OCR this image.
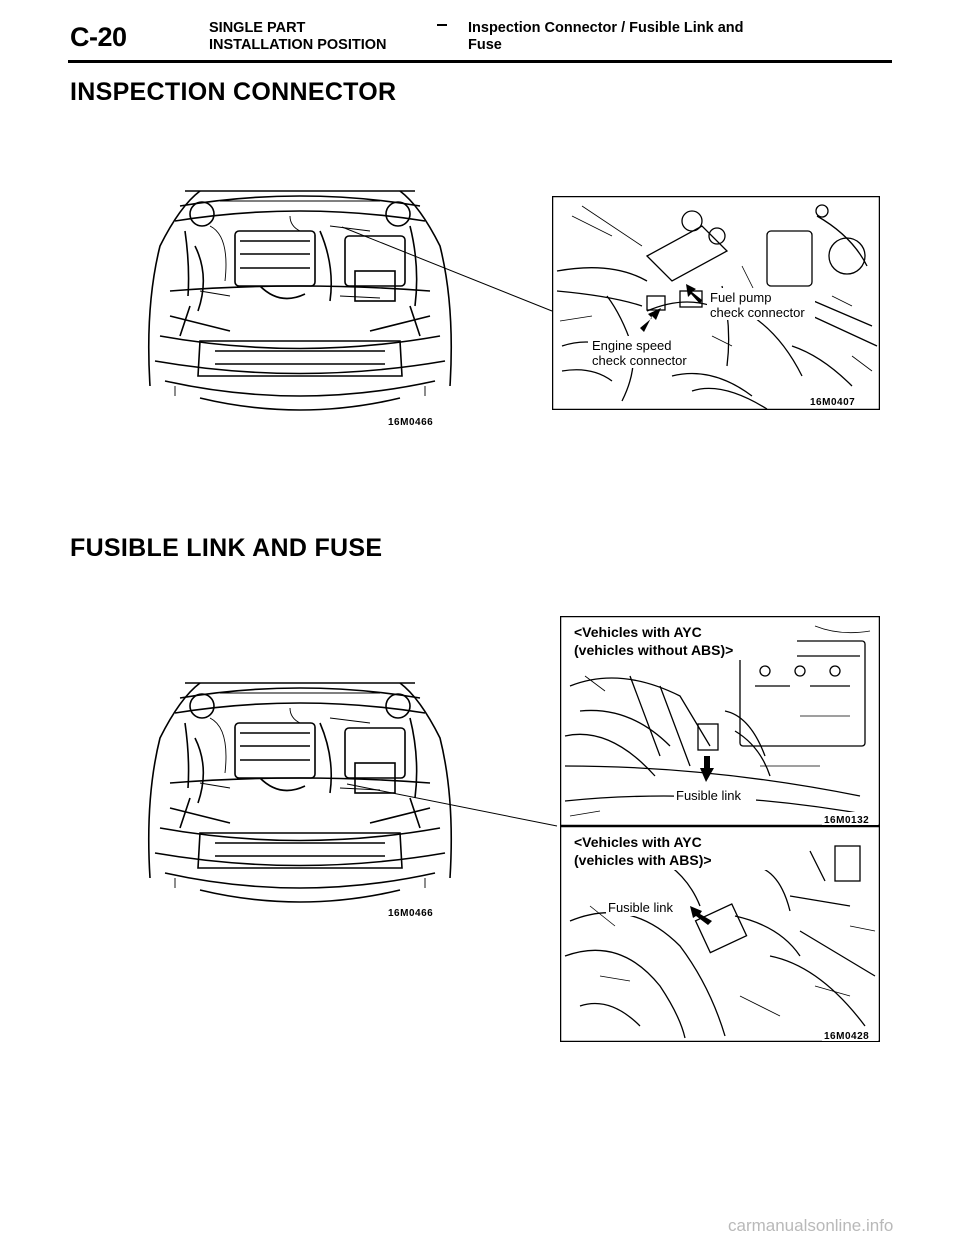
C-20	SINGLE PART
INSTALLATION POSITION
Inspection Connector / Fusible Link and
Fuse
INSPECTION CONNECTOR
16M0466
Fuel pump
check connector
Engine speed
check connector
16M0407
FUSIBLE LINK AND FUSE
16M0466
<Vehicles with AYC
(vehicles without ABS)>
Fusible link
16M0132
<Vehicles with AYC
(vehicles with ABS)>
Fusible link
16M0428
carmanualsonline.info
